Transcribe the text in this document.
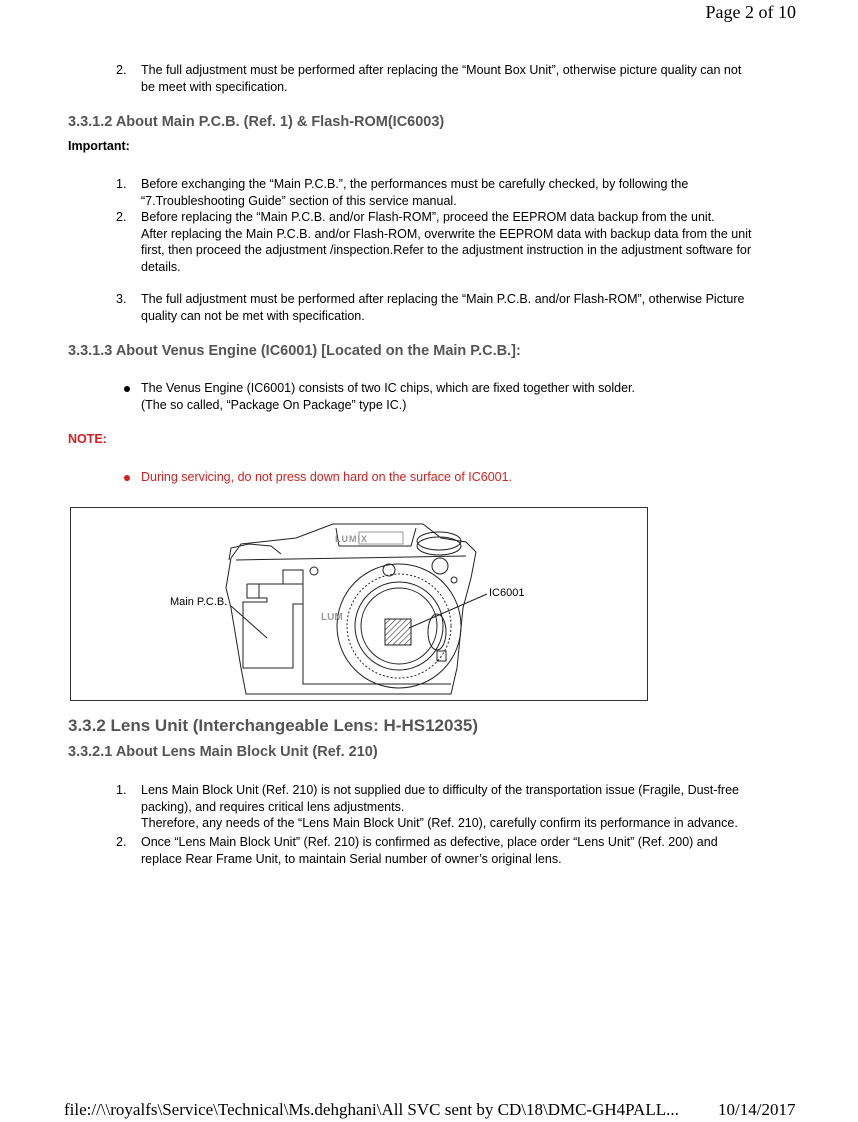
Page 2 of 10
2. The full adjustment must be performed after replacing the “Mount Box Unit”, otherwise picture quality can not
be meet with specification.
3.3.1.2 About Main P.C.B. (Ref. 1) & Flash-ROM(IC6003)
Important:
1. Before exchanging the “Main P.C.B.”, the performances must be carefully checked, by following the
“7.Troubleshooting Guide” section of this service manual.
2. Before replacing the “Main P.C.B. and/or Flash-ROM”, proceed the EEPROM data backup from the unit.
After replacing the Main P.C.B. and/or Flash-ROM, overwrite the EEPROM data with backup data from the unit
first, then proceed the adjustment /inspection.Refer to the adjustment instruction in the adjustment software for
details.
3. The full adjustment must be performed after replacing the “Main P.C.B. and/or Flash-ROM”, otherwise Picture
quality can not be met with specification.
3.3.1.3 About Venus Engine (IC6001) [Located on the Main P.C.B.]:
The Venus Engine (IC6001) consists of two IC chips, which are fixed together with solder.
(The so called, “Package On Package” type IC.)
NOTE:
During servicing, do not press down hard on the surface of IC6001.
LUMIX
LUM
Main P.C.B.
IC6001
3.3.2 Lens Unit (Interchangeable Lens: H-HS12035)
3.3.2.1 About Lens Main Block Unit (Ref. 210)
1. Lens Main Block Unit (Ref. 210) is not supplied due to difficulty of the transportation issue (Fragile, Dust-free
packing), and requires critical lens adjustments.
Therefore, any needs of the “Lens Main Block Unit” (Ref. 210), carefully confirm its performance in advance.
2. Once “Lens Main Block Unit” (Ref. 210) is confirmed as defective, place order “Lens Unit” (Ref. 200) and
replace Rear Frame Unit, to maintain Serial number of owner’s original lens.
file://\\royalfs\Service\Technical\Ms.dehghani\All SVC sent by CD\18\DMC-GH4PALL... 10/14/2017
